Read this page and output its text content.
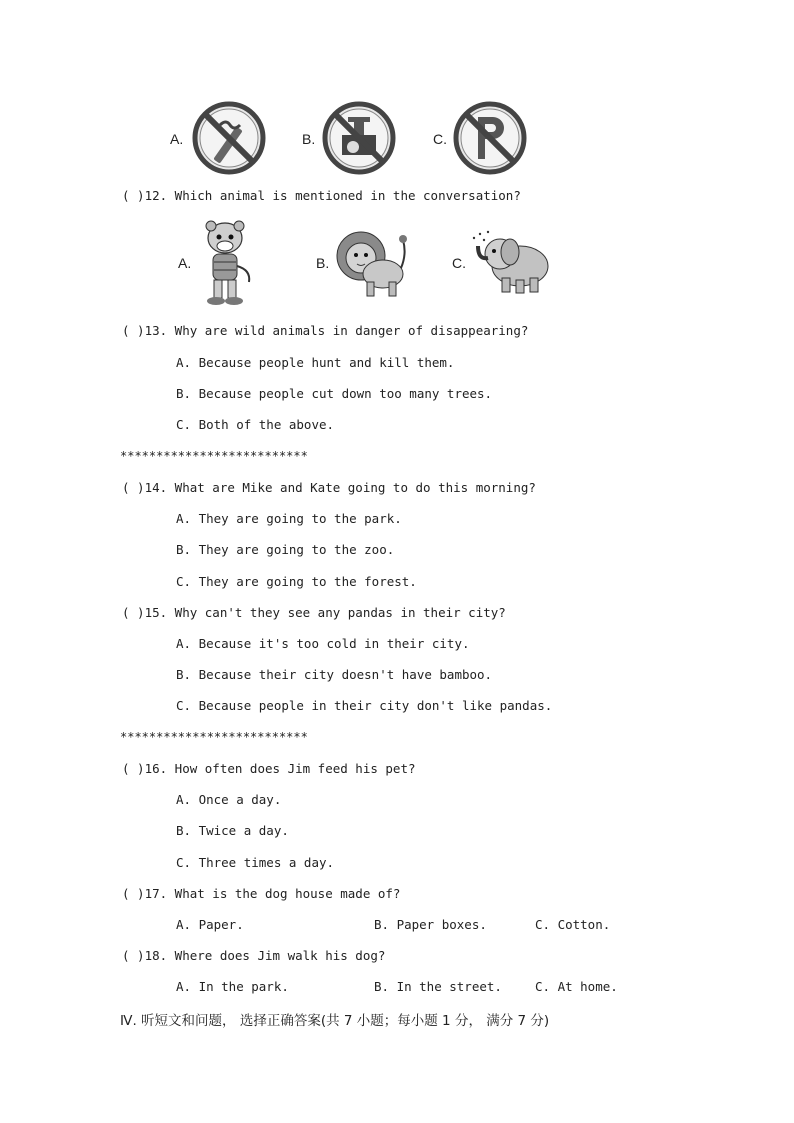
A.	B.	C.
( )12. Which animal is mentioned in the conversation?
A.	B.	C.
( )13. Why are wild animals in danger of disappearing?
A. Because people hunt and kill them.
B. Because people cut down too many trees.
C. Both of the above.
**************************
( )14. What are Mike and Kate going to do this morning?
A. They are going to the park.
B. They are going to the zoo.
C. They are going to the forest.
( )15. Why can't they see any pandas in their city?
A. Because it's too cold in their city.
B. Because their city doesn't have bamboo.
C. Because people in their city don't like pandas.
**************************
( )16. How often does Jim feed his pet?
A. Once a day.
B. Twice a day.
C. Three times a day.
( )17. What is the dog house made of?
A. Paper.	B. Paper boxes.	C. Cotton.
( )18. Where does Jim walk his dog?
A. In the park.	B. In the street.	C. At home.
Ⅳ. 听短文和问题， 选择正确答案(共 7 小题；每小题 1 分， 满分 7 分)
